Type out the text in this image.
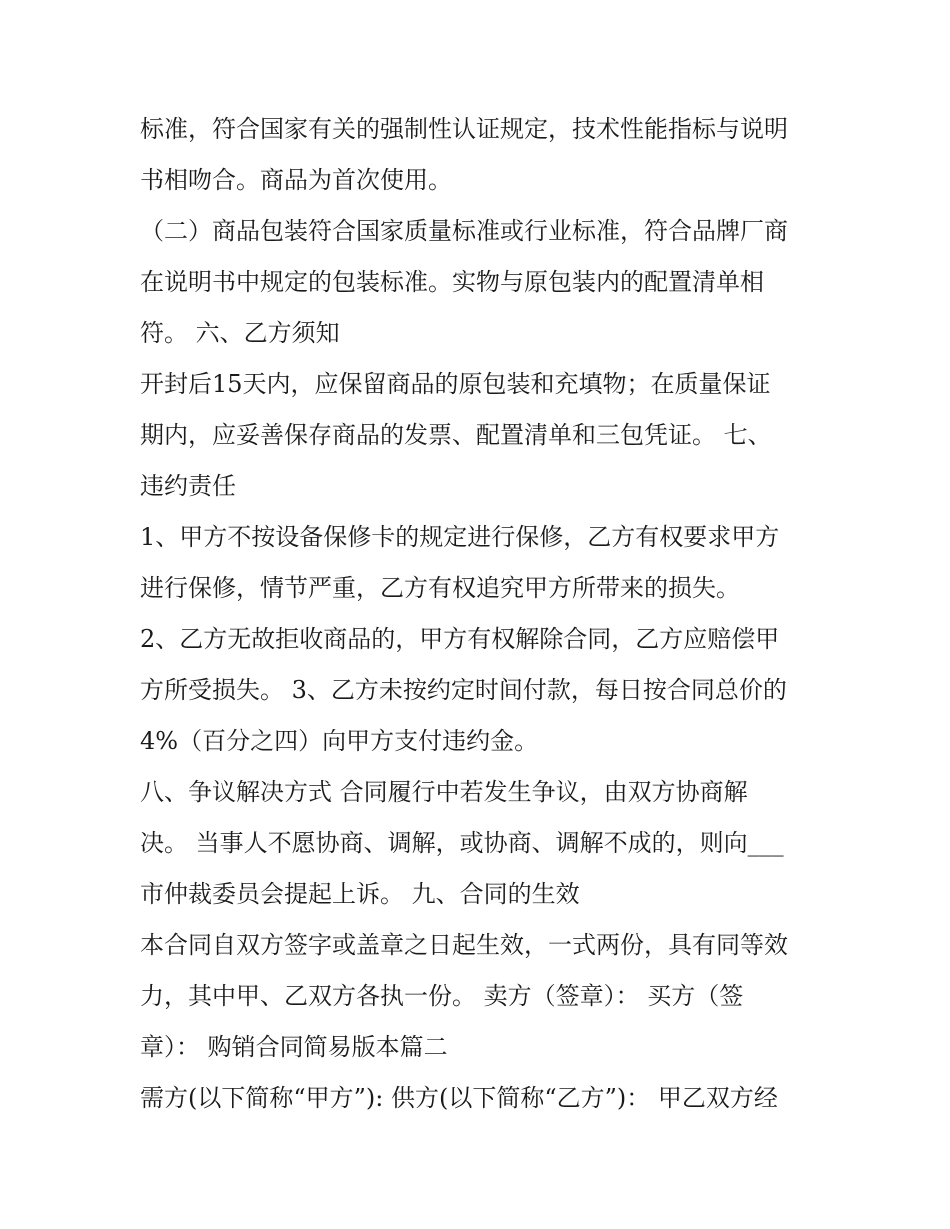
标准，符合国家有关的强制性认证规定，技术性能指标与说明
书相吻合。商品为首次使用。
（二）商品包装符合国家质量标准或行业标准，符合品牌厂商
在说明书中规定的包装标准。实物与原包装内的配置清单相
符。 六、乙方须知
开封后15天内，应保留商品的原包装和充填物；在质量保证
期内，应妥善保存商品的发票、配置清单和三包凭证。 七、
违约责任
1、甲方不按设备保修卡的规定进行保修，乙方有权要求甲方
进行保修，情节严重，乙方有权追究甲方所带来的损失。
2、乙方无故拒收商品的，甲方有权解除合同，乙方应赔偿甲
方所受损失。 3、乙方未按约定时间付款，每日按合同总价的
4%（百分之四）向甲方支付违约金。
八、争议解决方式 合同履行中若发生争议，由双方协商解
决。 当事人不愿协商、调解，或协商、调解不成的，则向___
市仲裁委员会提起上诉。 九、合同的生效
本合同自双方签字或盖章之日起生效，一式两份，具有同等效
力，其中甲、乙双方各执一份。 卖方（签章）： 买方（签
章）： 购销合同简易版本篇二
需方(以下简称“甲方”): 供方(以下简称“乙方”)： 甲乙双方经
